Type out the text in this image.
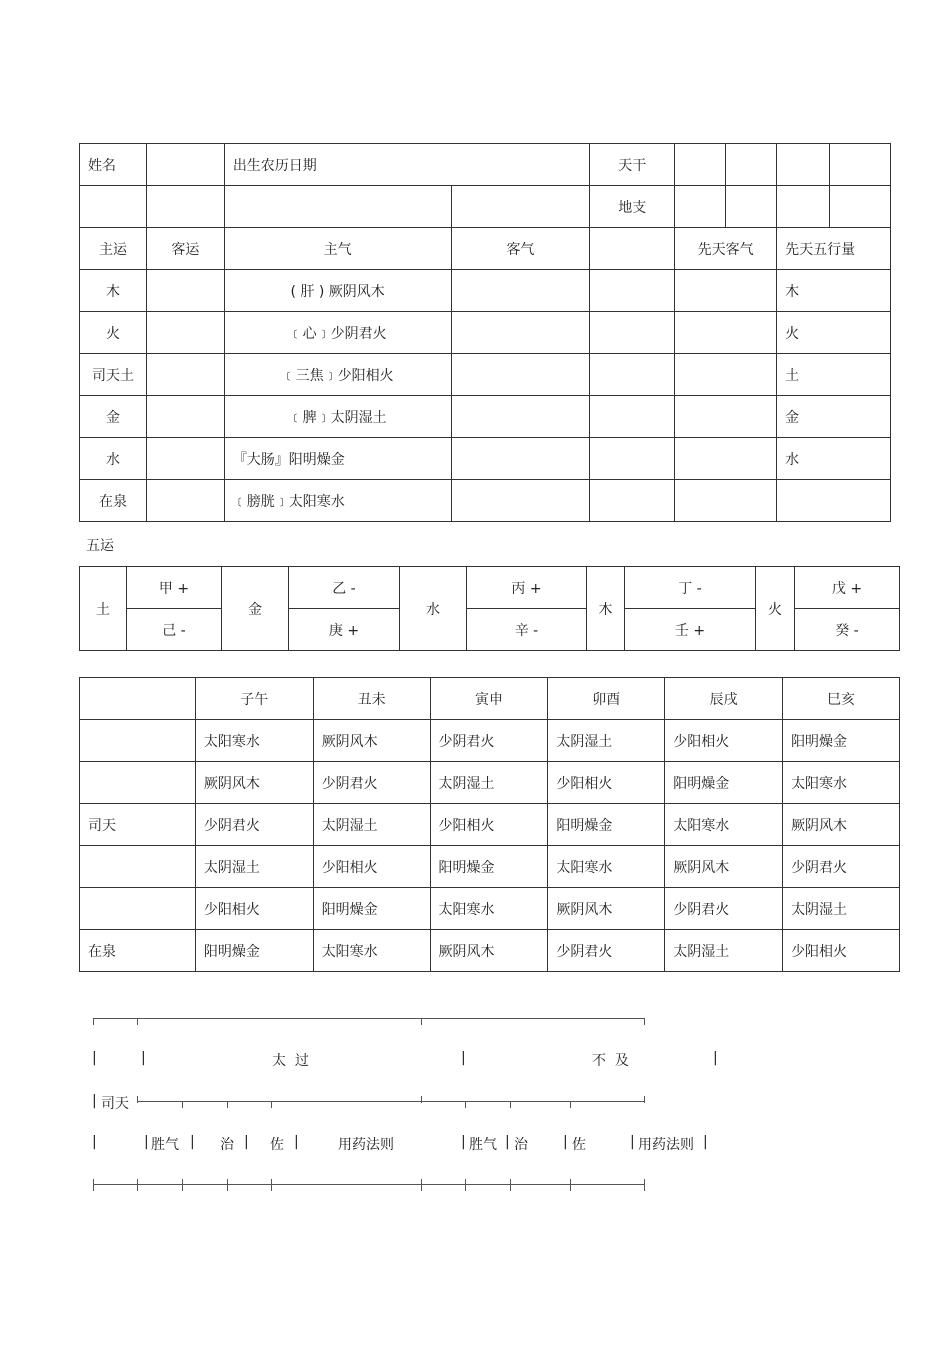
姓名		出生农历日期		天干				
				地支				
主运	客运	主气	客气		先天客气		先天五行量	
木		( 肝 ) 厥阴风木					木	
火		﹝心﹞少阴君火					火	
司天土		﹝三焦﹞少阳相火					土	
金		﹝脾﹞太阴湿土					金	
水		『大肠』阳明燥金					水	
在泉		﹝膀胱﹞太阳寒水						
五运
土	甲 +	金	乙 -	水	丙 +	木	丁 -	火	戊 +
	己 -		庚 +		辛 -		壬 +		癸 -
	子午	丑未	寅申	卯酉	辰戌	巳亥
	太阳寒水	厥阴风木	少阴君火	太阴湿土	少阳相火	阳明燥金
	厥阴风木	少阴君火	太阴湿土	少阳相火	阳明燥金	太阳寒水
司天	少阴君火	太阴湿土	少阳相火	阳明燥金	太阳寒水	厥阴风木
	太阴湿土	少阳相火	阳明燥金	太阳寒水	厥阴风木	少阴君火
	少阳相火	阳明燥金	太阳寒水	厥阴风木	少阴君火	太阴湿土
在泉	阳明燥金	太阳寒水	厥阴风木	少阴君火	太阴湿土	少阳相火
|	|	太  过	|	不  及	|
| 司天
|	| 胜气 | 治 | 佐 |	用药法则	| 胜气 | 治	| 佐	| 用药法则 |
